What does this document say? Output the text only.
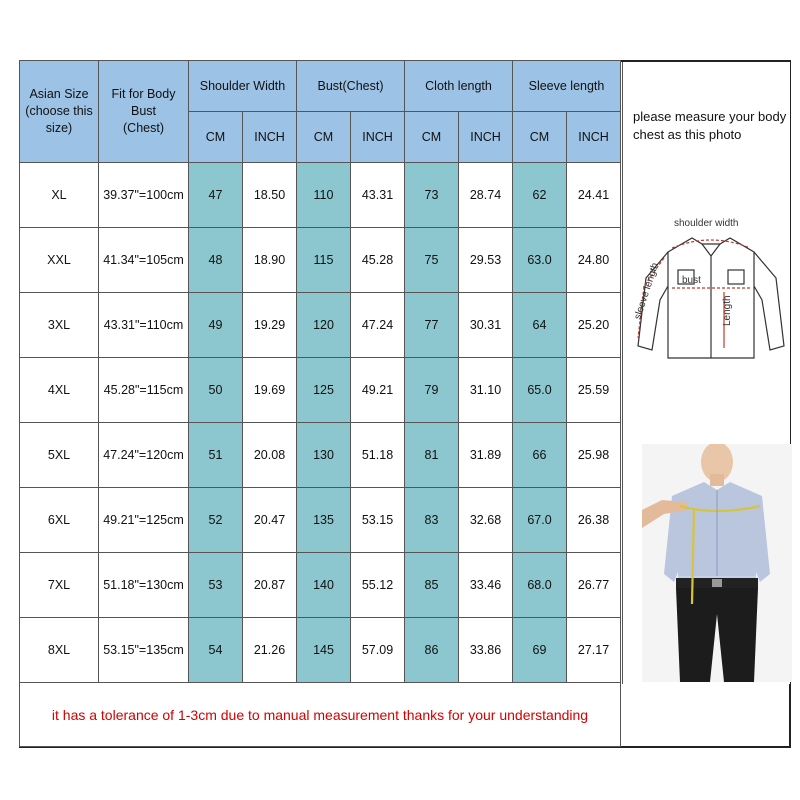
Asian Size
(choose this
size)	Fit for Body
Bust
(Chest)	Shoulder Width		Bust(Chest)		Cloth length		Sleeve length	
		CM	INCH	CM	INCH	CM	INCH	CM	INCH
XL	39.37"=100cm	47	18.50	110	43.31	73	28.74	62	24.41
XXL	41.34"=105cm	48	18.90	115	45.28	75	29.53	63.0	24.80
3XL	43.31"=110cm	49	19.29	120	47.24	77	30.31	64	25.20
4XL	45.28"=115cm	50	19.69	125	49.21	79	31.10	65.0	25.59
5XL	47.24"=120cm	51	20.08	130	51.18	81	31.89	66	25.98
6XL	49.21"=125cm	52	20.47	135	53.15	83	32.68	67.0	26.38
7XL	51.18"=130cm	53	20.87	140	55.12	85	33.46	68.0	26.77
8XL	53.15"=135cm	54	21.26	145	57.09	86	33.86	69	27.17
it has a tolerance of 1-3cm due to manual measurement thanks for your understanding									
please measure your body
chest as this photo
shoulder width
bust
Length
sleeve length
